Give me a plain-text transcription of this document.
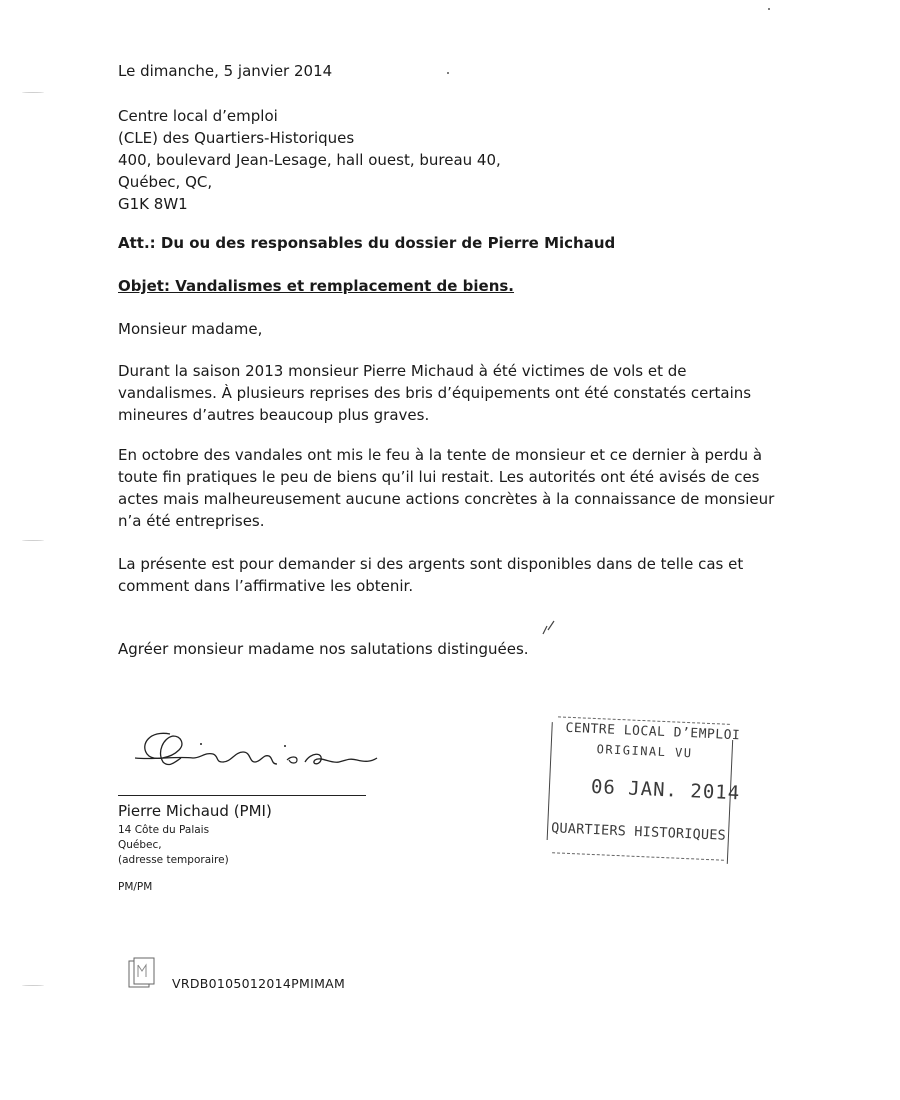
Le dimanche, 5 janvier 2014
Centre local d’emploi
(CLE) des Quartiers-Historiques
400, boulevard Jean-Lesage, hall ouest, bureau 40,
Québec, QC,
G1K 8W1
Att.: Du ou des responsables du dossier de Pierre Michaud
Objet: Vandalismes et remplacement de biens.
Monsieur madame,
Durant la saison 2013 monsieur Pierre Michaud à été victimes de vols et de
vandalismes. À plusieurs reprises des bris d’équipements ont été constatés certains
mineures d’autres beaucoup plus graves.
En octobre des vandales ont mis le feu à la tente de monsieur et ce dernier à perdu à
toute fin pratiques le peu de biens qu’il lui restait. Les autorités ont été avisés de ces
actes mais malheureusement aucune actions concrètes à la connaissance de monsieur
n’a été entreprises.
La présente est pour demander si des argents sont disponibles dans de telle cas et
comment dans l’affirmative les obtenir.
Agréer monsieur madame nos salutations distinguées.
Pierre Michaud (PMI)
14 Côte du Palais
Québec,
(adresse temporaire)
PM/PM
CENTRE LOCAL D’EMPLOI
ORIGINAL VU
06 JAN. 2014
QUARTIERS HISTORIQUES
VRDB0105012014PMIMAM
